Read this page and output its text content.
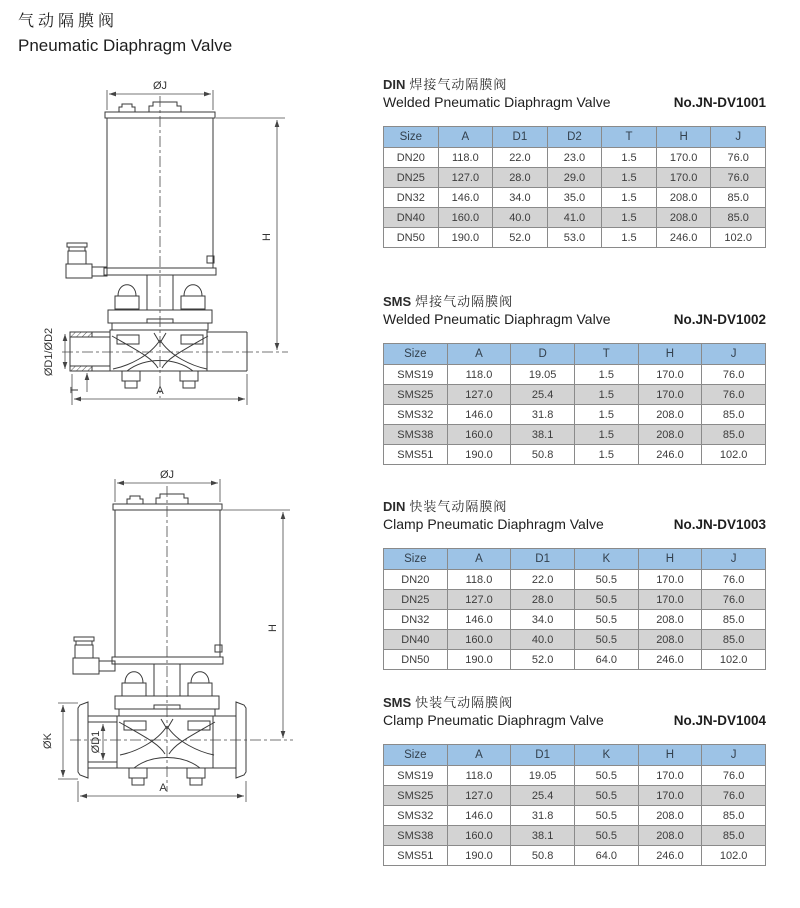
气动隔膜阀
Pneumatic Diaphragm Valve
ØJ
H
ØD1/ØD2
T	A
ØJ
H
ØK	ØD1
A
DIN 焊接气动隔膜阀
Welded Pneumatic Diaphragm Valve	No.JN-DV1001
Size	A	D1	D2	T	H	J
DN20	118.0	22.0	23.0	1.5	170.0	76.0
DN25	127.0	28.0	29.0	1.5	170.0	76.0
DN32	146.0	34.0	35.0	1.5	208.0	85.0
DN40	160.0	40.0	41.0	1.5	208.0	85.0
DN50	190.0	52.0	53.0	1.5	246.0	102.0
SMS 焊接气动隔膜阀
Welded Pneumatic Diaphragm Valve	No.JN-DV1002
Size	A	D	T	H	J
SMS19	118.0	19.05	1.5	170.0	76.0
SMS25	127.0	25.4	1.5	170.0	76.0
SMS32	146.0	31.8	1.5	208.0	85.0
SMS38	160.0	38.1	1.5	208.0	85.0
SMS51	190.0	50.8	1.5	246.0	102.0
DIN 快装气动隔膜阀
Clamp Pneumatic Diaphragm Valve	No.JN-DV1003
Size	A	D1	K	H	J
DN20	118.0	22.0	50.5	170.0	76.0
DN25	127.0	28.0	50.5	170.0	76.0
DN32	146.0	34.0	50.5	208.0	85.0
DN40	160.0	40.0	50.5	208.0	85.0
DN50	190.0	52.0	64.0	246.0	102.0
SMS 快装气动隔膜阀
Clamp Pneumatic Diaphragm Valve	No.JN-DV1004
Size	A	D1	K	H	J
SMS19	118.0	19.05	50.5	170.0	76.0
SMS25	127.0	25.4	50.5	170.0	76.0
SMS32	146.0	31.8	50.5	208.0	85.0
SMS38	160.0	38.1	50.5	208.0	85.0
SMS51	190.0	50.8	64.0	246.0	102.0
